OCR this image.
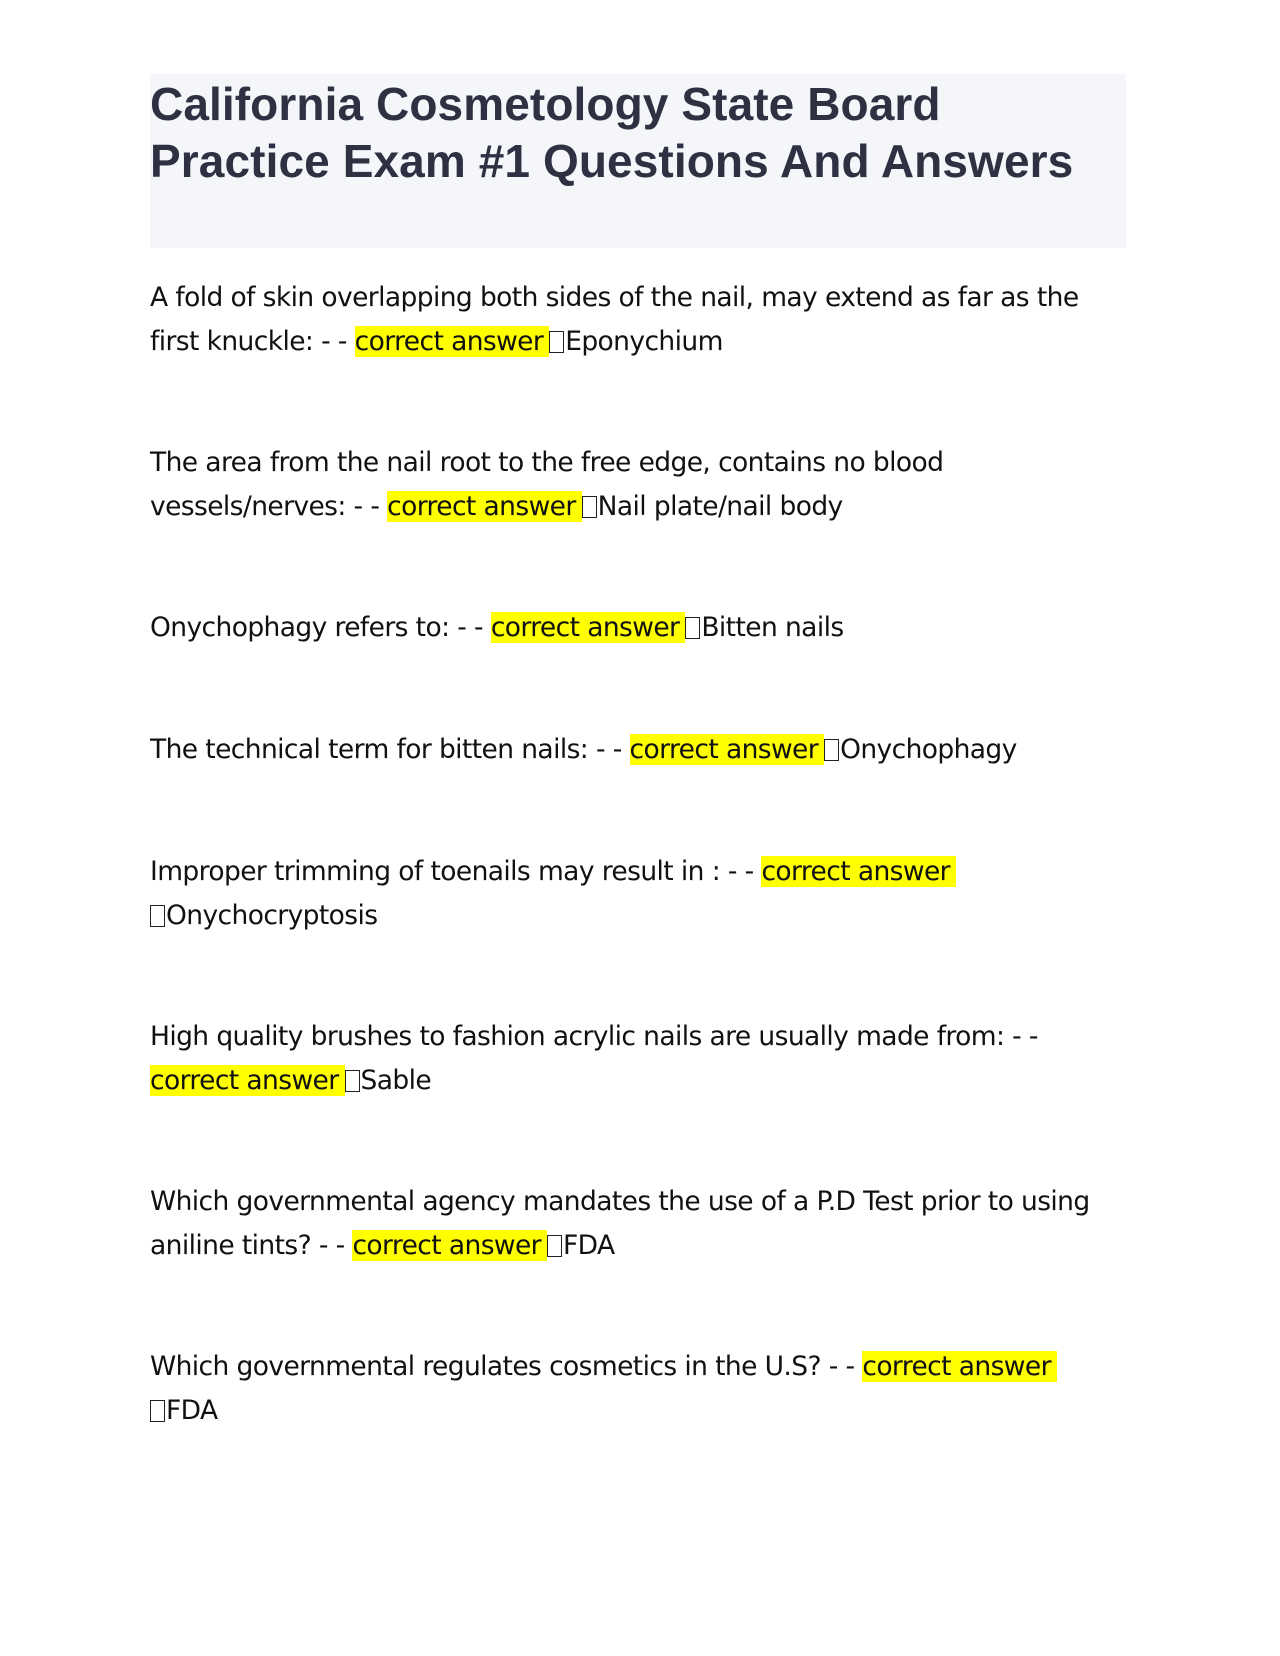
California Cosmetology State Board Practice Exam #1 Questions And Answers

A fold of skin overlapping both sides of the nail, may extend as far as the first knuckle: - - correct answer Eponychium

The area from the nail root to the free edge, contains no blood vessels/nerves: - - correct answer Nail plate/nail body

Onychophagy refers to: - - correct answer Bitten nails

The technical term for bitten nails: - - correct answer Onychophagy

Improper trimming of toenails may result in : - - correct answer
Onychocryptosis

High quality brushes to fashion acrylic nails are usually made from: - -
correct answer Sable

Which governmental agency mandates the use of a P.D Test prior to using aniline tints? - - correct answer FDA

Which governmental regulates cosmetics in the U.S? - - correct answer
FDA
